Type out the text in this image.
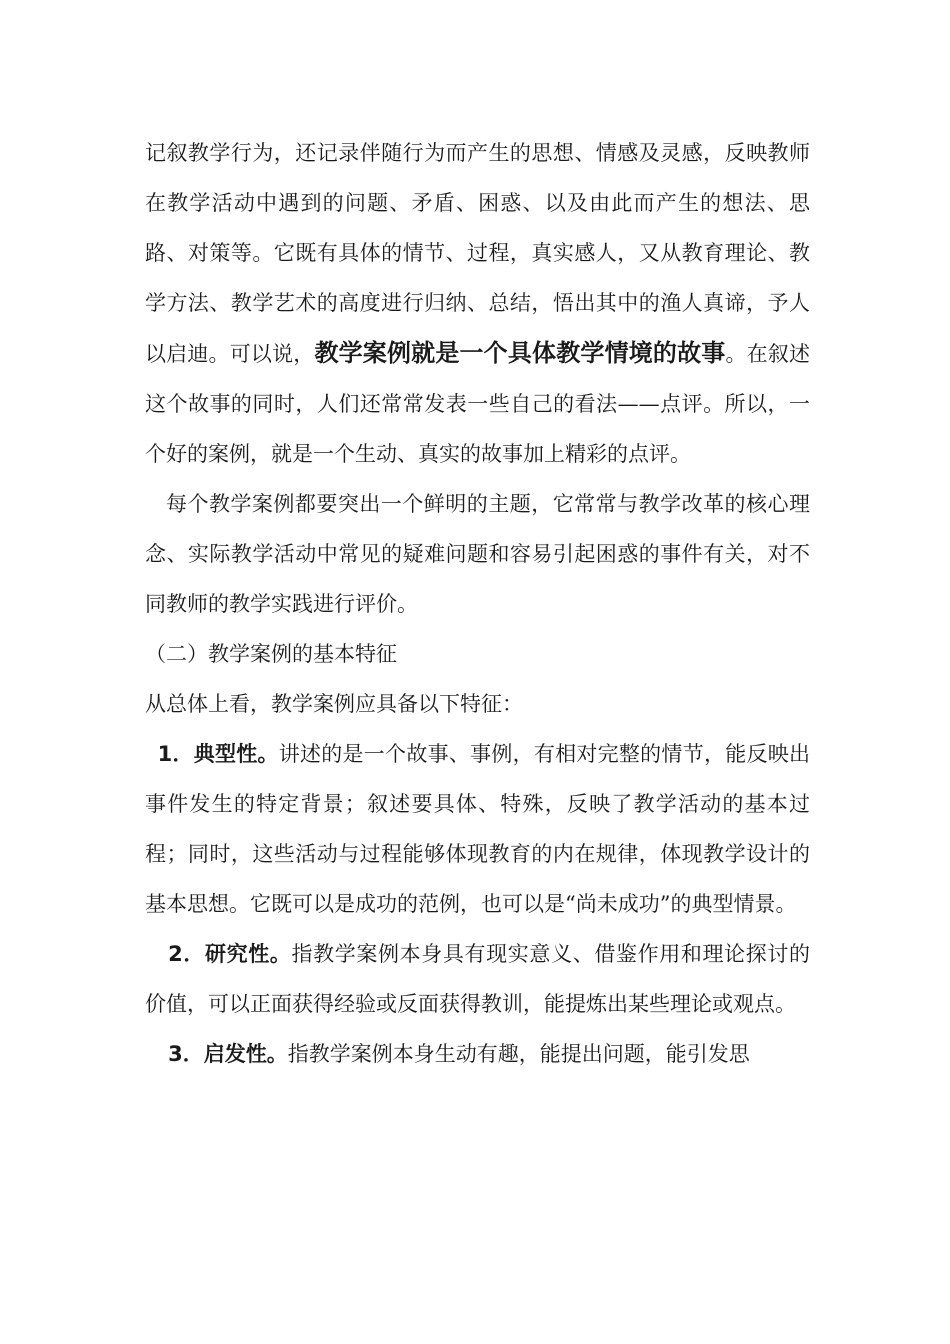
记叙教学行为，还记录伴随行为而产生的思想、情感及灵感，反映教师在教学活动中遇到的问题、矛盾、困惑、以及由此而产生的想法、思路、对策等。它既有具体的情节、过程，真实感人，又从教育理论、教学方法、教学艺术的高度进行归纳、总结，悟出其中的渔人真谛，予人以启迪。可以说，教学案例就是一个具体教学情境的故事。在叙述这个故事的同时，人们还常常发表一些自己的看法——点评。所以，一个好的案例，就是一个生动、真实的故事加上精彩的点评。

每个教学案例都要突出一个鲜明的主题，它常常与教学改革的核心理念、实际教学活动中常见的疑难问题和容易引起困惑的事件有关，对不同教师的教学实践进行评价。

（二）教学案例的基本特征

从总体上看，教学案例应具备以下特征：

1．典型性。讲述的是一个故事、事例，有相对完整的情节，能反映出事件发生的特定背景；叙述要具体、特殊，反映了教学活动的基本过程；同时，这些活动与过程能够体现教育的内在规律，体现教学设计的基本思想。它既可以是成功的范例，也可以是“尚未成功”的典型情景。

2．研究性。指教学案例本身具有现实意义、借鉴作用和理论探讨的价值，可以正面获得经验或反面获得教训，能提炼出某些理论或观点。

3．启发性。指教学案例本身生动有趣，能提出问题，能引发思
